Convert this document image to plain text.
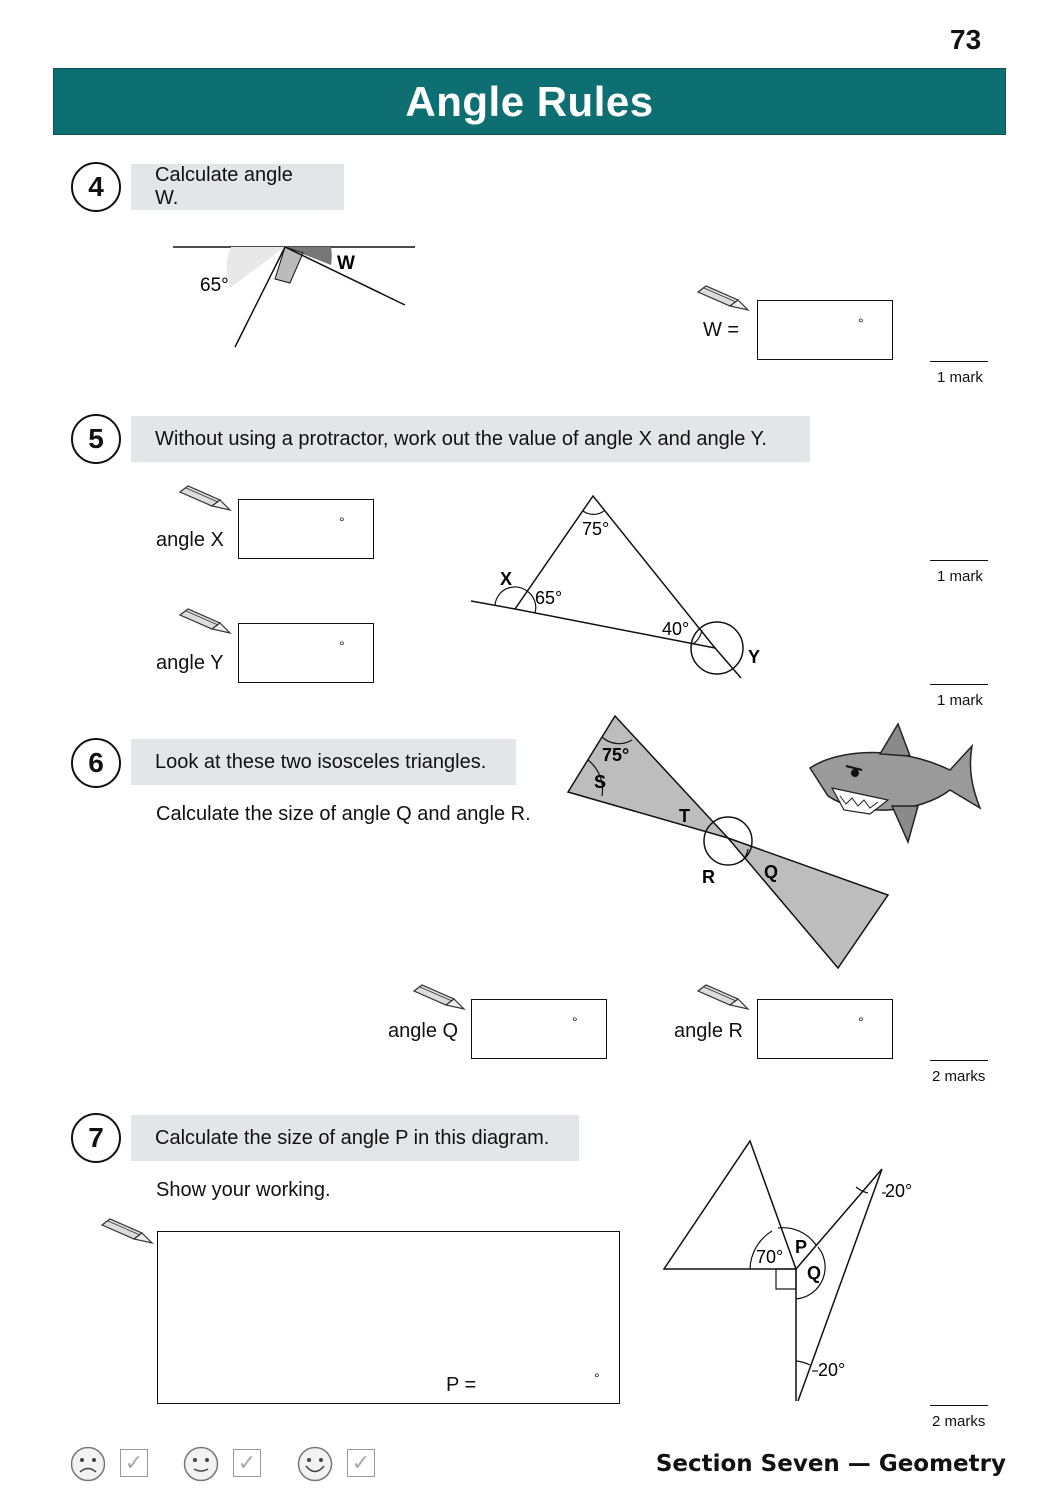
73
Angle Rules
4	Calculate angle W.
65°
W
W =	°
1 mark
5	Without using a protractor, work out the value of angle X and angle Y.
angle X
°
angle Y
°
75°
65°
40°
X
Y
1 mark
1 mark
6	Look at these two isosceles triangles.
Calculate the size of angle Q and angle R.
75°
S
T
R	Q
angle Q	°	angle R	°
2 marks
7	Calculate the size of angle P in this diagram.
Show your working.
P =	°
70° P
Q
20°
20°
2 marks
✓	✓	✓	Section Seven — Geometry
